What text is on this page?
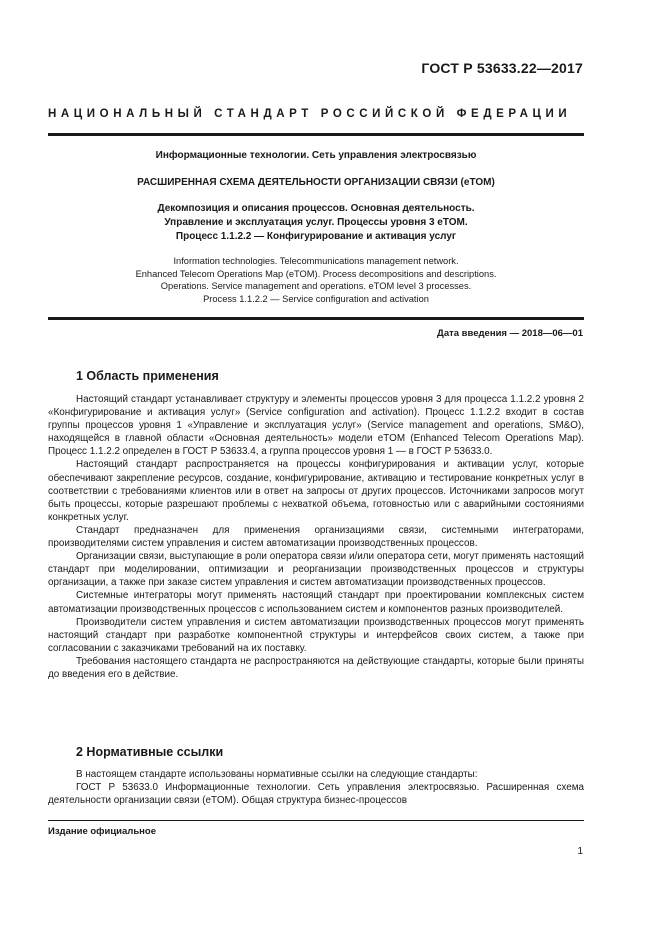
ГОСТ Р 53633.22—2017
НАЦИОНАЛЬНЫЙ СТАНДАРТ РОССИЙСКОЙ ФЕДЕРАЦИИ
Информационные технологии. Сеть управления электросвязью
РАСШИРЕННАЯ СХЕМА ДЕЯТЕЛЬНОСТИ ОРГАНИЗАЦИИ СВЯЗИ (eTOM)
Декомпозиция и описания процессов. Основная деятельность.
Управление и эксплуатация услуг. Процессы уровня 3 eTOM.
Процесс 1.1.2.2 — Конфигурирование и активация услуг
Information technologies. Telecommunications management network.
Enhanced Telecom Operations Map (eTOM). Process decompositions and descriptions.
Operations. Service management and operations. eTOM level 3 processes.
Process 1.1.2.2 — Service configuration and activation
Дата введения — 2018—06—01
1 Область применения

Настоящий стандарт устанавливает структуру и элементы процессов уровня 3 для процесса 1.1.2.2 уровня 2 «Конфигурирование и активация услуг» (Service configuration and activation). Процесс 1.1.2.2 входит в состав группы процессов уровня 1 «Управление и эксплуатация услуг» (Service management and operations, SM&O), находящейся в главной области «Основная деятельность» модели eTOM (Enhanced Telecom Operations Map). Процесс 1.1.2.2 определен в ГОСТ Р 53633.4, а группа процессов уровня 1 — в ГОСТ Р 53633.0.

Настоящий стандарт распространяется на процессы конфигурирования и активации услуг, которые обеспечивают закрепление ресурсов, создание, конфигурирование, активацию и тестирование конкретных услуг в соответствии с требованиями клиентов или в ответ на запросы от других процессов. Источниками запросов могут быть процессы, которые разрешают проблемы с нехваткой объема, готовностью или с аварийными состояниями конкретных услуг.

Стандарт предназначен для применения организациями связи, системными интеграторами, производителями систем управления и систем автоматизации производственных процессов.

Организации связи, выступающие в роли оператора связи и/или оператора сети, могут применять настоящий стандарт при моделировании, оптимизации и реорганизации производственных процессов и структуры организации, а также при заказе систем управления и систем автоматизации производственных процессов.

Системные интеграторы могут применять настоящий стандарт при проектировании комплексных систем автоматизации производственных процессов с использованием систем и компонентов разных производителей.

Производители систем управления и систем автоматизации производственных процессов могут применять настоящий стандарт при разработке компонентной структуры и интерфейсов своих систем, а также при согласовании с заказчиками требований на их поставку.

Требования настоящего стандарта не распространяются на действующие стандарты, которые были приняты до введения его в действие.

2 Нормативные ссылки

В настоящем стандарте использованы нормативные ссылки на следующие стандарты:

ГОСТ Р 53633.0 Информационные технологии. Сеть управления электросвязью. Расширенная схема деятельности организации связи (eTOM). Общая структура бизнес-процессов

Издание официальное
1
